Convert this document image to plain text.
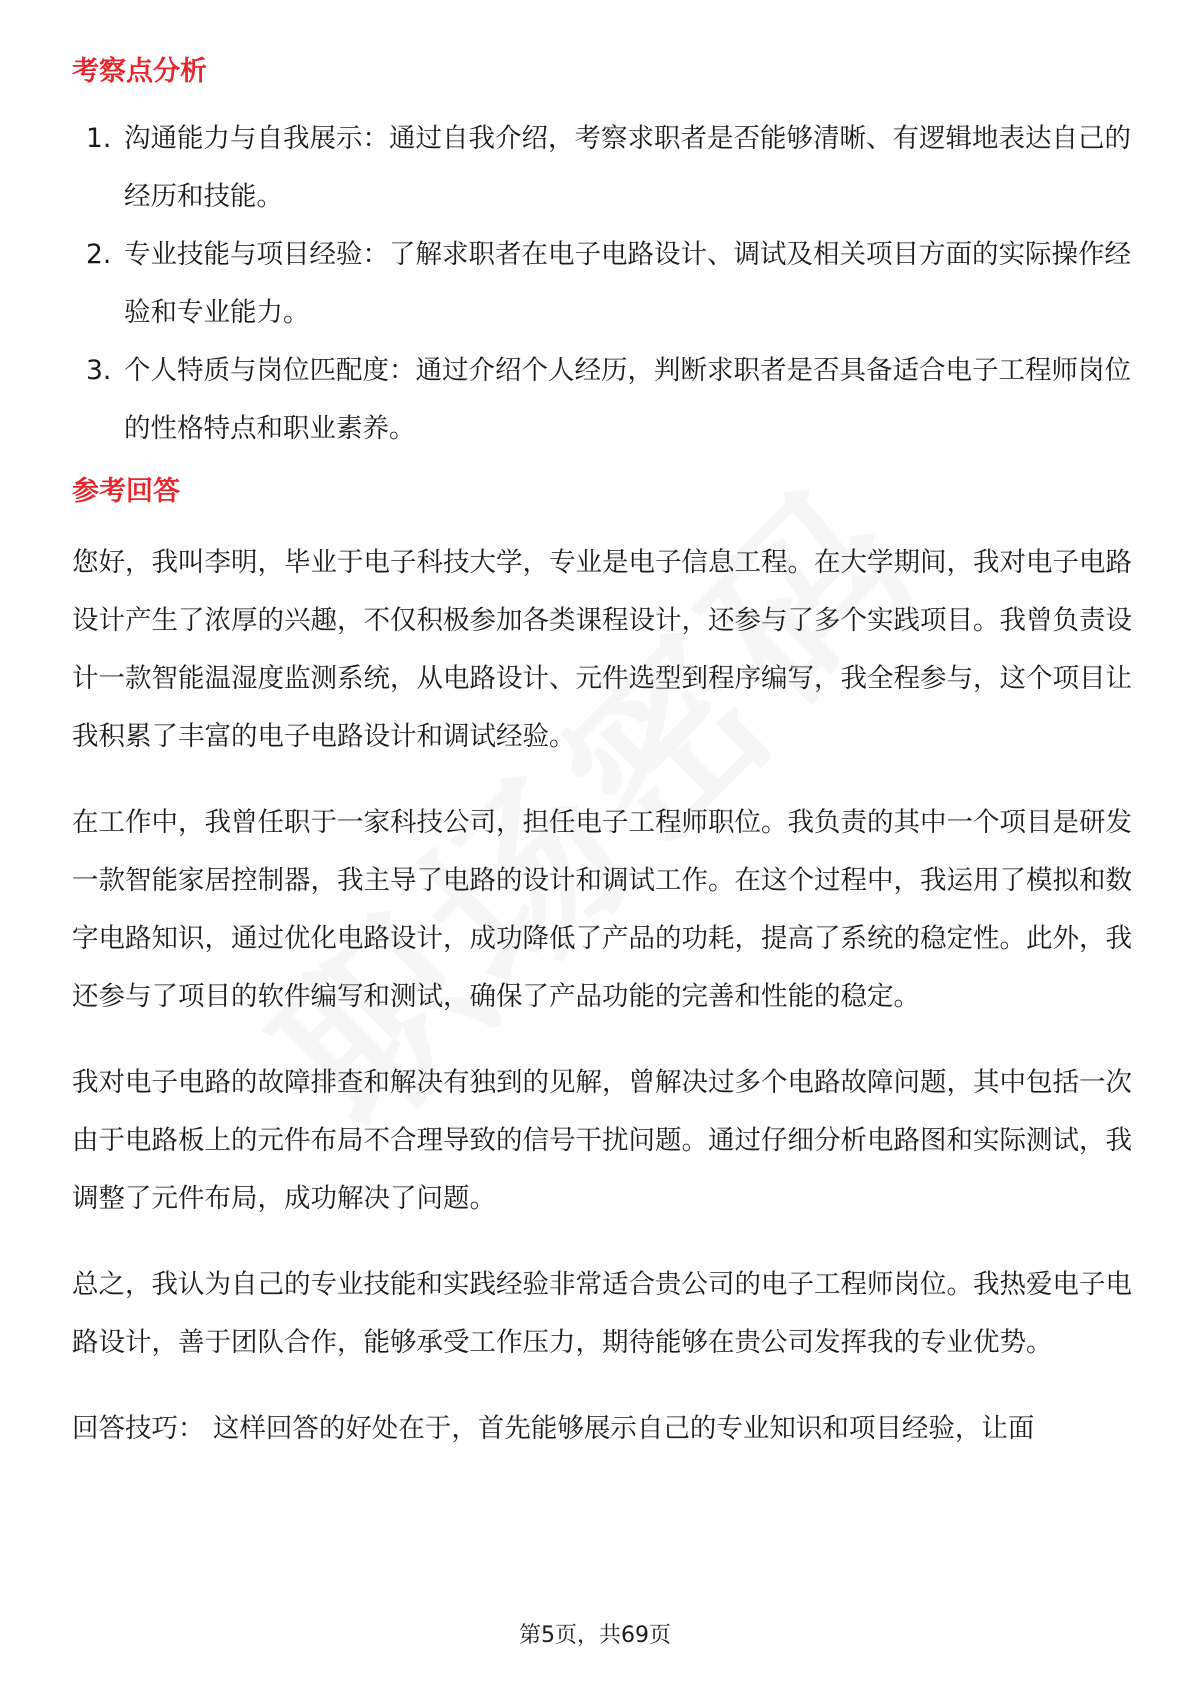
考察点分析
1. 沟通能力与自我展示：通过自我介绍，考察求职者是否能够清晰、有逻辑地表达自己的经历和技能。
2. 专业技能与项目经验：了解求职者在电子电路设计、调试及相关项目方面的实际操作经验和专业能力。
3. 个人特质与岗位匹配度：通过介绍个人经历，判断求职者是否具备适合电子工程师岗位的性格特点和职业素养。
参考回答

您好，我叫李明，毕业于电子科技大学，专业是电子信息工程。在大学期间，我对电子电路设计产生了浓厚的兴趣，不仅积极参加各类课程设计，还参与了多个实践项目。我曾负责设计一款智能温湿度监测系统，从电路设计、元件选型到程序编写，我全程参与，这个项目让我积累了丰富的电子电路设计和调试经验。

在工作中，我曾任职于一家科技公司，担任电子工程师职位。我负责的其中一个项目是研发一款智能家居控制器，我主导了电路的设计和调试工作。在这个过程中，我运用了模拟和数字电路知识，通过优化电路设计，成功降低了产品的功耗，提高了系统的稳定性。此外，我还参与了项目的软件编写和测试，确保了产品功能的完善和性能的稳定。

我对电子电路的故障排查和解决有独到的见解，曾解决过多个电路故障问题，其中包括一次由于电路板上的元件布局不合理导致的信号干扰问题。通过仔细分析电路图和实际测试，我调整了元件布局，成功解决了问题。

总之，我认为自己的专业技能和实践经验非常适合贵公司的电子工程师岗位。我热爱电子电路设计，善于团队合作，能够承受工作压力，期待能够在贵公司发挥我的专业优势。

回答技巧： 这样回答的好处在于，首先能够展示自己的专业知识和项目经验，让面

第5页，共69页
